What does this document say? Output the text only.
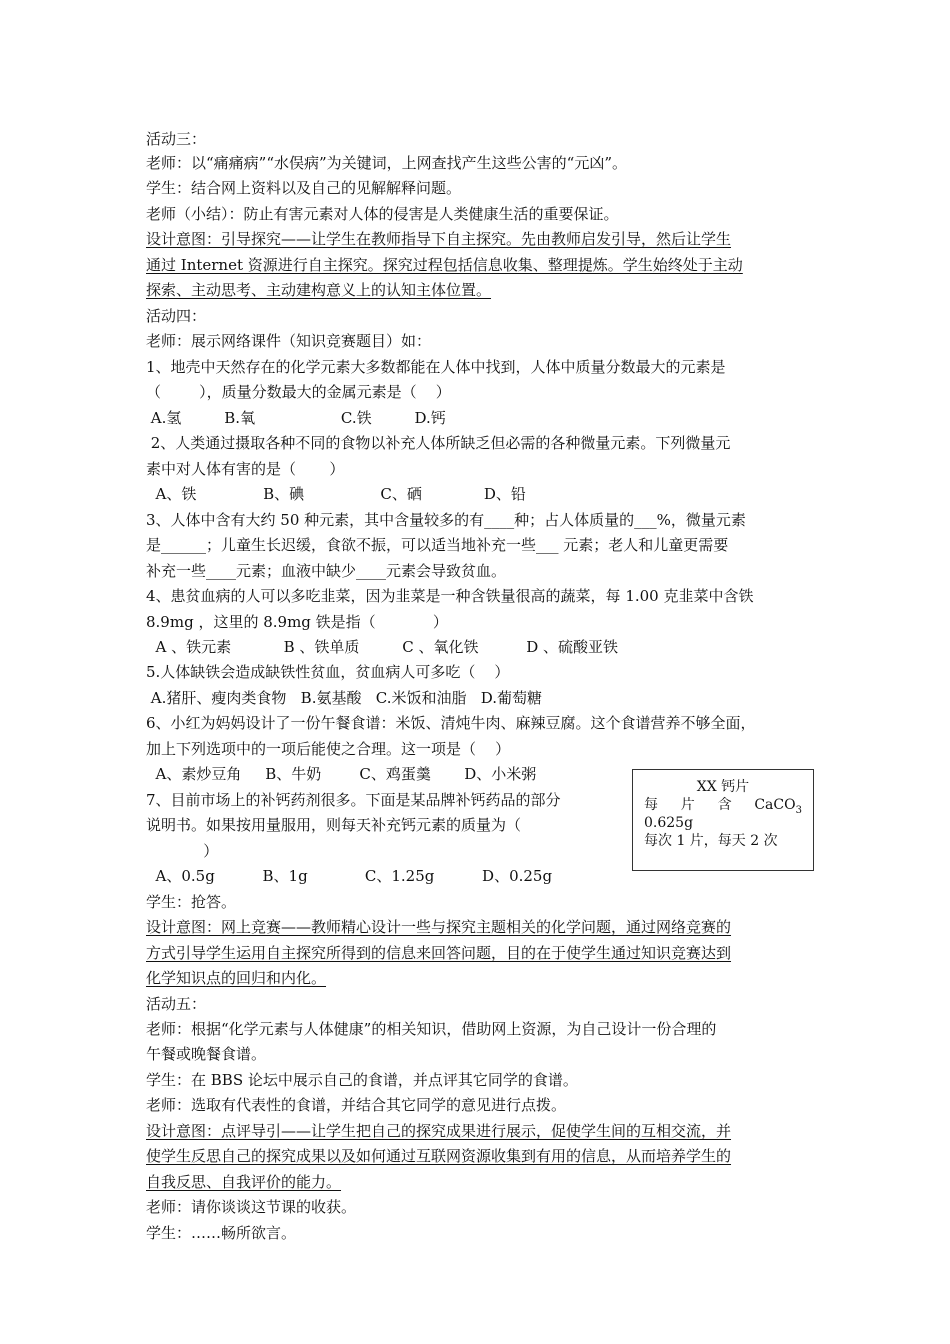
活动三：
老师：以“痛痛病”“水俣病”为关键词，上网查找产生这些公害的“元凶”。
学生：结合网上资料以及自己的见解解释问题。
老师（小结）：防止有害元素对人体的侵害是人类健康生活的重要保证。
设计意图：引导探究——让学生在教师指导下自主探究。先由教师启发引导，然后让学生
通过 Internet 资源进行自主探究。探究过程包括信息收集、整理提炼。学生始终处于主动
探索、主动思考、主动建构意义上的认知主体位置。
活动四：
老师：展示网络课件（知识竞赛题目）如：
1、地壳中天然存在的化学元素大多数都能在人体中找到，人体中质量分数最大的元素是
（        ），质量分数最大的金属元素是（    ）
A.氢         B.氧                  C.铁         D.钙
2、人类通过摄取各种不同的食物以补充人体所缺乏但必需的各种微量元素。下列微量元
素中对人体有害的是（       ）
A、铁              B、碘                C、硒             D、铅
3、人体中含有大约 50 种元素，其中含量较多的有____种；占人体质量的___%，微量元素
是______；儿童生长迟缓，食欲不振，可以适当地补充一些___ 元素；老人和儿童更需要
补充一些____元素；血液中缺少____元素会导致贫血。
4、患贫血病的人可以多吃韭菜，因为韭菜是一种含铁量很高的蔬菜，每 1.00 克韭菜中含铁
8.9mg ，这里的 8.9mg 铁是指（            ）
A 、铁元素           B 、铁单质         C 、氧化铁          D 、硫酸亚铁
5.人体缺铁会造成缺铁性贫血，贫血病人可多吃（    ）
A.猪肝、瘦肉类食物   B.氨基酸   C.米饭和油脂   D.葡萄糖
6、小红为妈妈设计了一份午餐食谱：米饭、清炖牛肉、麻辣豆腐。这个食谱营养不够全面，
加上下列选项中的一项后能使之合理。这一项是（    ）
A、素炒豆角     B、牛奶        C、鸡蛋羹       D、小米粥
7、目前市场上的补钙药剂很多。下面是某品牌补钙药品的部分
说明书。如果按用量服用，则每天补充钙元素的质量为（
）
A、0.5g          B、1g            C、1.25g          D、0.25g
学生：抢答。
设计意图：网上竞赛——教师精心设计一些与探究主题相关的化学问题，通过网络竞赛的
方式引导学生运用自主探究所得到的信息来回答问题，目的在于使学生通过知识竞赛达到
化学知识点的回归和内化。
活动五：
老师：根据“化学元素与人体健康”的相关知识，借助网上资源，为自己设计一份合理的
午餐或晚餐食谱。
学生：在 BBS 论坛中展示自己的食谱，并点评其它同学的食谱。
老师：选取有代表性的食谱，并结合其它同学的意见进行点拨。
设计意图：点评导引——让学生把自己的探究成果进行展示，促使学生间的互相交流，并
使学生反思自己的探究成果以及如何通过互联网资源收集到有用的信息，从而培养学生的
自我反思、自我评价的能力。
老师：请你谈谈这节课的收获。
学生：……畅所欲言。
XX 钙片
每 片 含 CaCO$_3$
0.625g
每次 1 片，每天 2 次
